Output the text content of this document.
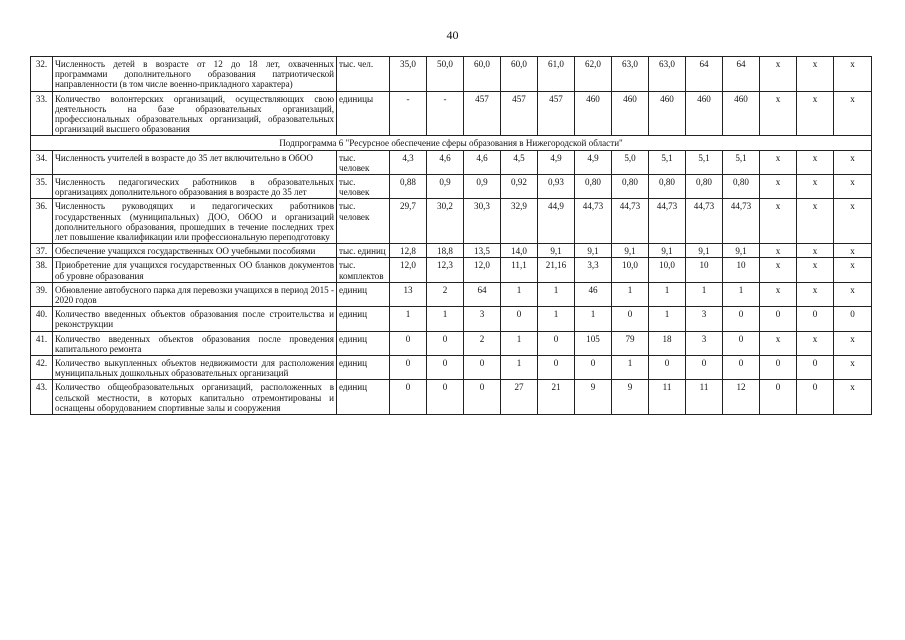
40
32.	Численность детей в возрасте от 12 до 18 лет, охваченных программами дополнительного образования патриотической направленности (в том числе военно-прикладного характера)	тыс. чел.	35,0	50,0	60,0	60,0	61,0	62,0	63,0	63,0	64	64	х	х	х
33.	Количество волонтерских организаций, осуществляющих свою деятельность на базе образовательных организаций, профессиональных образовательных организаций, образовательных организаций высшего образования	единицы	-	-	457	457	457	460	460	460	460	460	х	х	х
Подпрограмма 6 "Ресурсное обеспечение сферы образования в Нижегородской области"															
34.	Численность учителей в возрасте до 35 лет включительно в ОбОО	тыс. человек	4,3	4,6	4,6	4,5	4,9	4,9	5,0	5,1	5,1	5,1	х	х	х
35.	Численность педагогических работников в образовательных организациях дополнительного образования в возрасте до 35 лет	тыс. человек	0,88	0,9	0,9	0,92	0,93	0,80	0,80	0,80	0,80	0,80	х	х	х
36.	Численность руководящих и педагогических работников государственных (муниципальных) ДОО, ОбОО и организаций дополнительного образования, прошедших в течение последних трех лет повышение квалификации или профессиональную переподготовку	тыс. человек	29,7	30,2	30,3	32,9	44,9	44,73	44,73	44,73	44,73	44,73	х	х	х
37.	Обеспечение учащихся государственных ОО учебными пособиями	тыс. единиц	12,8	18,8	13,5	14,0	9,1	9,1	9,1	9,1	9,1	9,1	х	х	х
38.	Приобретение для учащихся государственных ОО бланков документов об уровне образования	тыс. комплектов	12,0	12,3	12,0	11,1	21,16	3,3	10,0	10,0	10	10	х	х	х
39.	Обновление автобусного парка для перевозки учащихся в период 2015 - 2020 годов	единиц	13	2	64	1	1	46	1	1	1	1	х	х	х
40.	Количество введенных объектов образования после строительства и реконструкции	единиц	1	1	3	0	1	1	0	1	3	0	0	0	0
41.	Количество введенных объектов образования после проведения капитального ремонта	единиц	0	0	2	1	0	105	79	18	3	0	х	х	х
42.	Количество выкупленных объектов недвижимости для расположения муниципальных дошкольных образовательных организаций	единиц	0	0	0	1	0	0	1	0	0	0	0	0	х
43.	Количество общеобразовательных организаций, расположенных в сельской местности, в которых капитально отремонтированы и оснащены оборудованием спортивные залы и сооружения	единиц	0	0	0	27	21	9	9	11	11	12	0	0	х
